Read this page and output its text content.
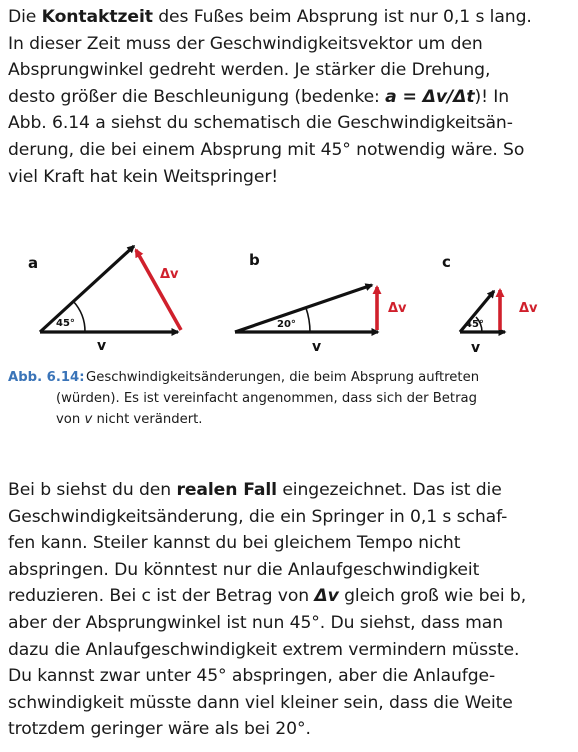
Die Kontaktzeit des Fußes beim Absprung ist nur 0,1 s lang.
In dieser Zeit muss der Geschwindigkeitsvektor um den
Absprungwinkel gedreht werden. Je stärker die Drehung,
desto größer die Beschleunigung (bedenke: a = Δv/Δt)! In
Abb. 6.14 a siehst du schematisch die Geschwindigkeitsän-
derung, die bei einem Absprung mit 45° notwendig wäre. So
viel Kraft hat kein Weitspringer!
a
45°
v
Δv
b
20°
v
Δv
c
45°
v
Δv
Abb. 6.14: Geschwindigkeitsänderungen, die beim Absprung auftreten
(würden). Es ist vereinfacht angenommen, dass sich der Betrag
von v nicht verändert.
Bei b siehst du den realen Fall eingezeichnet. Das ist die
Geschwindigkeitsänderung, die ein Springer in 0,1 s schaf-
fen kann. Steiler kannst du bei gleichem Tempo nicht
abspringen. Du könntest nur die Anlaufgeschwindigkeit
reduzieren. Bei c ist der Betrag von Δv gleich groß wie bei b,
aber der Absprungwinkel ist nun 45°. Du siehst, dass man
dazu die Anlaufgeschwindigkeit extrem vermindern müsste.
Du kannst zwar unter 45° abspringen, aber die Anlaufge-
schwindigkeit müsste dann viel kleiner sein, dass die Weite
trotzdem geringer wäre als bei 20°.
